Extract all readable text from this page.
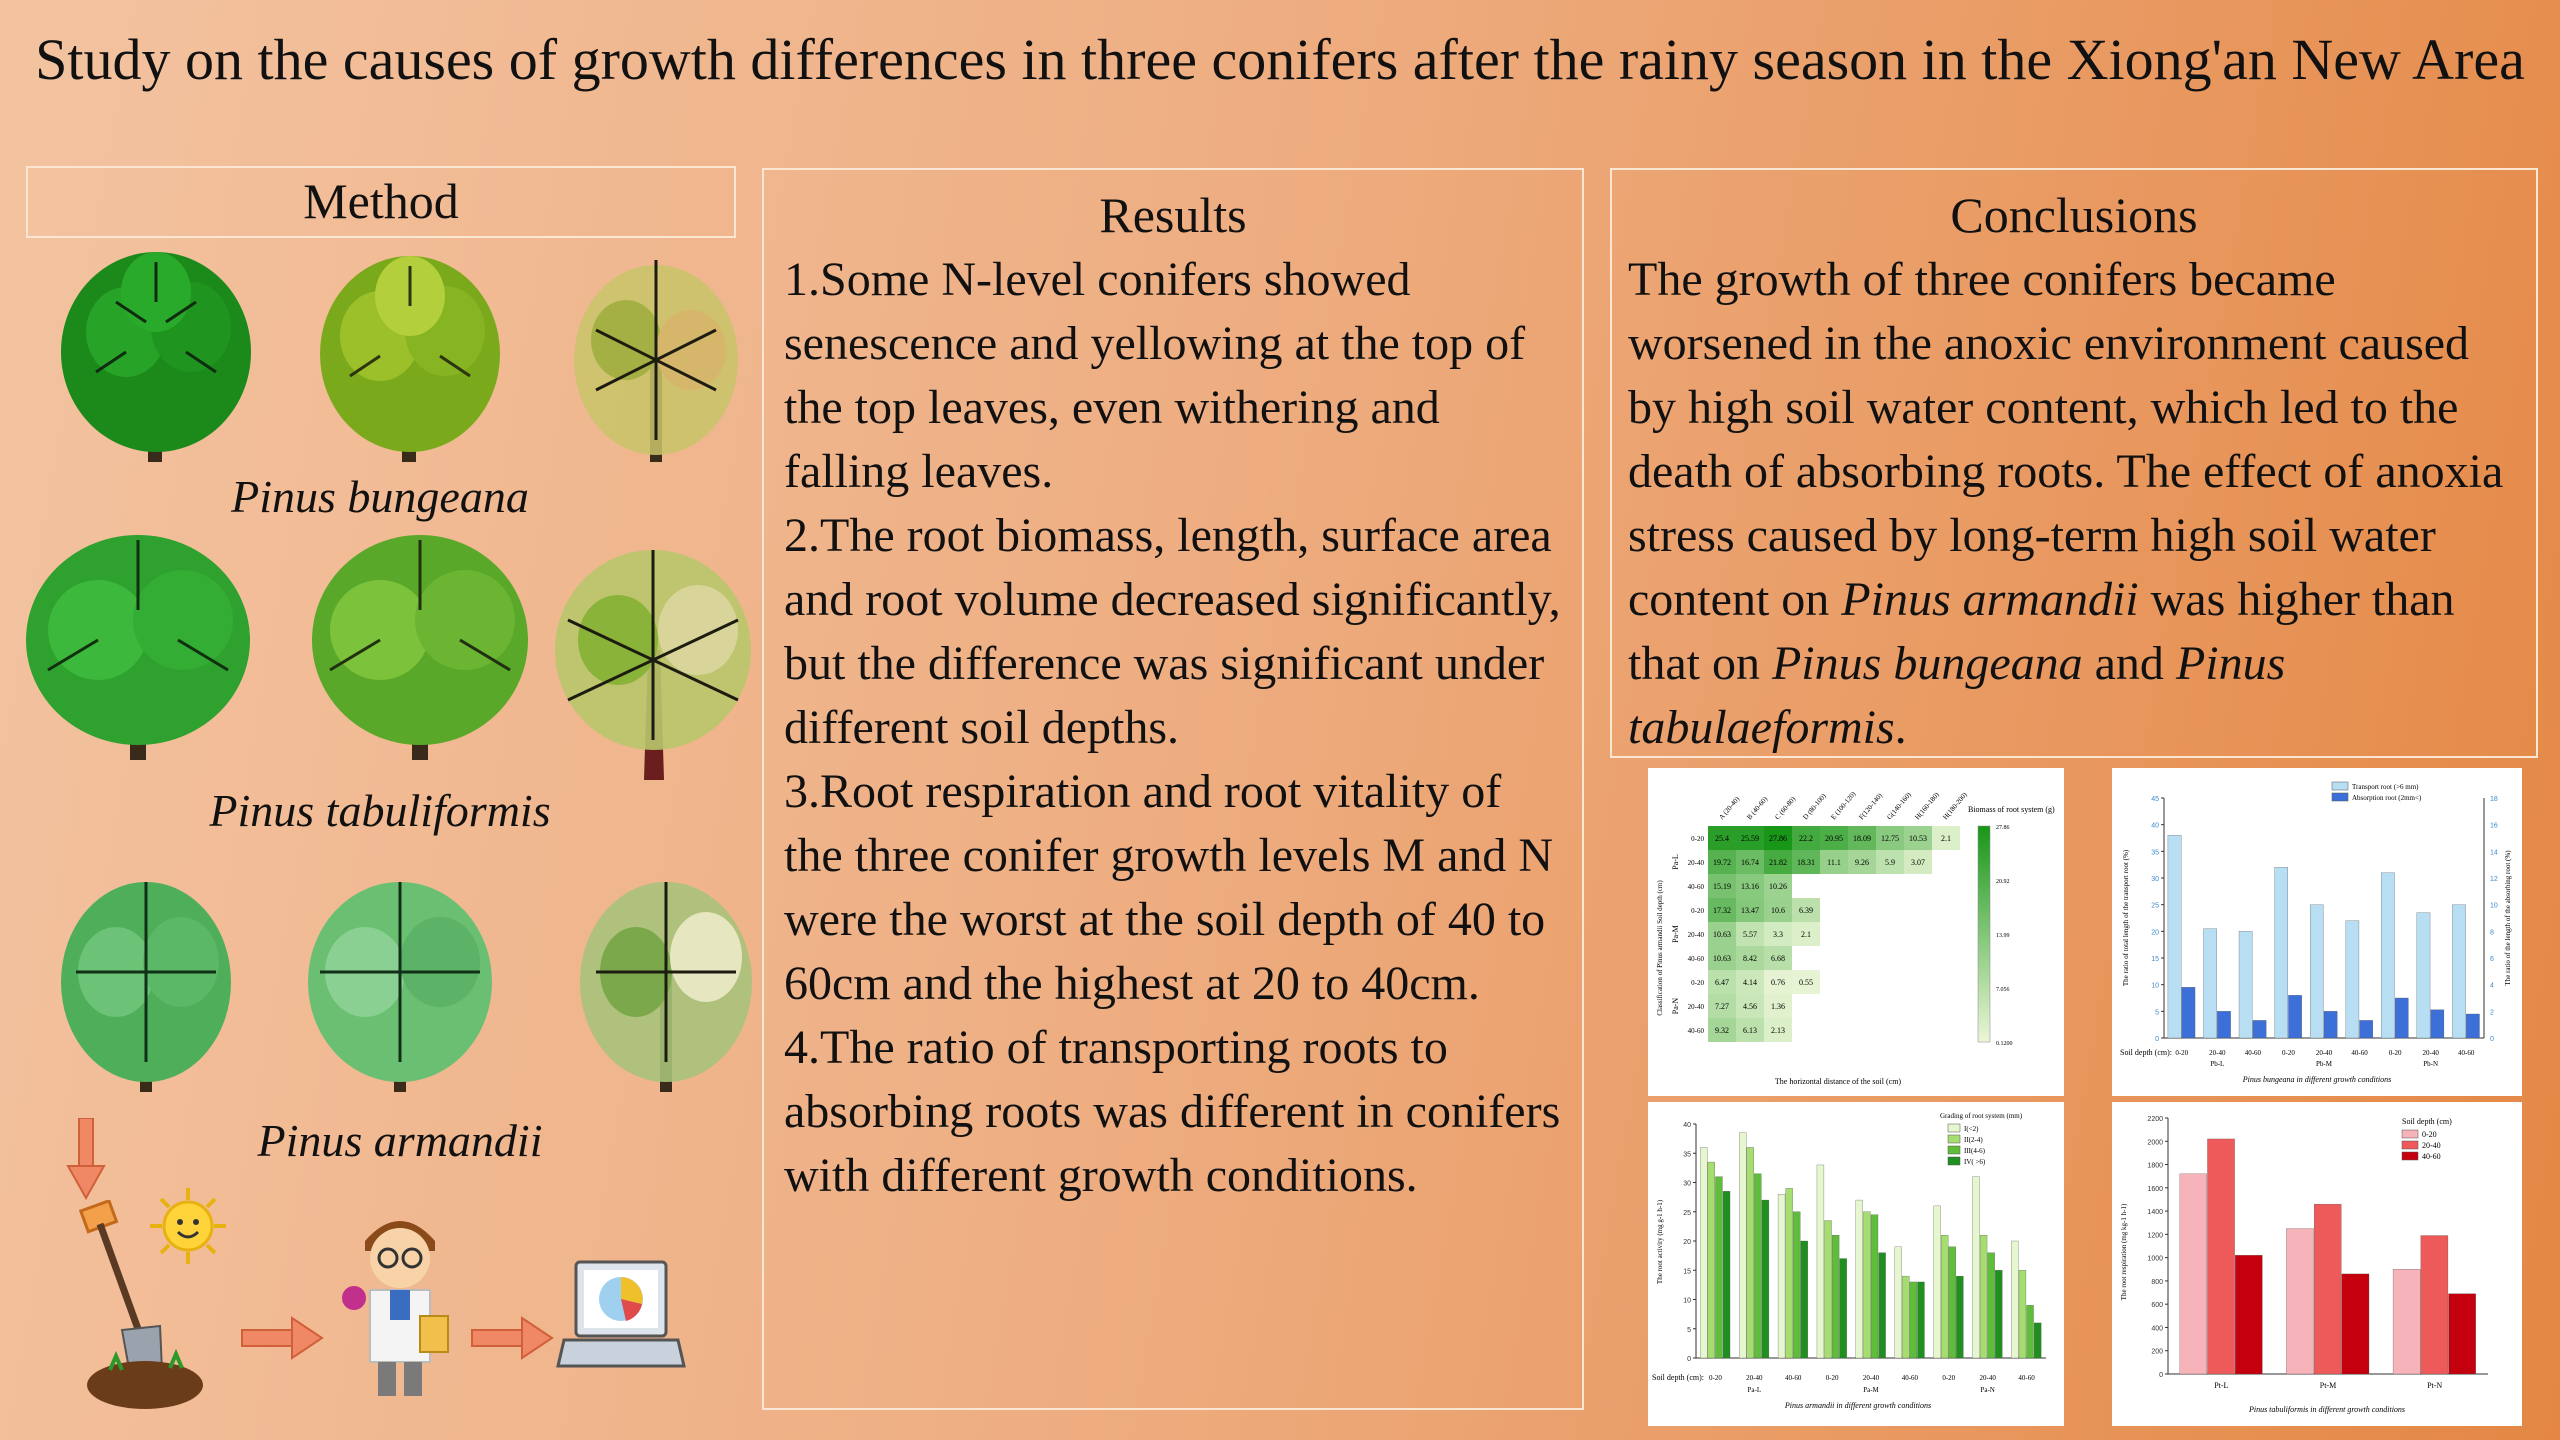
Study on the causes of growth differences in three conifers after the rainy season in the Xiong'an New Area
Method
Pinus bungeana
Pinus tabuliformis
Pinus armandii
Results
1.Some N-level conifers showed senescence and yellowing at the top of the top leaves, even withering and falling leaves.
2.The root biomass, length, surface area and root volume decreased significantly, but the difference was significant under different soil depths.
3.Root respiration and root vitality of the three conifer growth levels M and N were the worst at the soil depth of 40 to 60cm and the highest at 20 to 40cm.
4.The ratio of transporting roots to absorbing roots was different in conifers with different growth conditions.
Conclusions

The growth of three conifers became worsened in the anoxic environment caused by high soil water content, which led to the death of absorbing roots. The effect of anoxia stress caused by long-term high soil water content on Pinus armandii was higher than that on Pinus bungeana and Pinus tabulaeformis.

A (20-40) B (40-60) C (60-80) D (80-100) E (100-120) F(120-140) G(140-160) H(160-180) H(180-200)
0-20 25.4 25.59 27.86 22.2 20.95 18.09 12.75 10.53 2.1
20-40 19.72 16.74 21.82 18.31 11.1 9.26 5.9 3.07
40-60 15.19 13.16 10.26
0-20 17.32 13.47 10.6 6.39
20-40 10.63 5.57 3.3 2.1
40-60 10.63 8.42 6.68
0-20 6.47 4.14 0.76 0.55
20-40 7.27 4.56 1.36
40-60 9.32 6.13 2.13
Pa-L
Pa-M
Pa-N
Classification of Pinus armandii Soil depth (cm)
The horizontal distance of the soil (cm)
Biomass of root system (g)
27.86
20.92
13.99
7.056
0.1200
0
5
10
15
20
25
30
35
40
45
0
2
4
6
8
10
12
14
16
18
The ratio of total length of the transport root (%)	The ratio of the length of the absorbing root (%)
Soil depth (cm): 0-20	20-40	40-60	0-20	20-40	40-60	0-20	20-40	40-60
Pb-L	Pb-M	Pb-N
Pinus bungeana in different growth conditions
Transport root (>6 mm)
Absorption root (2mm<)
0
5
10
15
20
25
30
35
40
The root activity (mg g-1 h-1)
Soil depth (cm): 0-20	20-40	40-60	0-20	20-40	40-60	0-20	20-40	40-60
Pa-L	Pa-M	Pa-N
Pinus armandii in different growth conditions
Grading of root system (mm)
I(<2)
II(2-4)
III(4-6)
IV( >6)
0
200
400
600
800
1000
1200
1400
1600
1800
2000
2200
The root respiration (mg kg-1 h-1)
Pt-L	Pt-M	Pt-N
Pinus tabuliformis in different growth conditions
Soil depth (cm)
0-20
20-40
40-60
